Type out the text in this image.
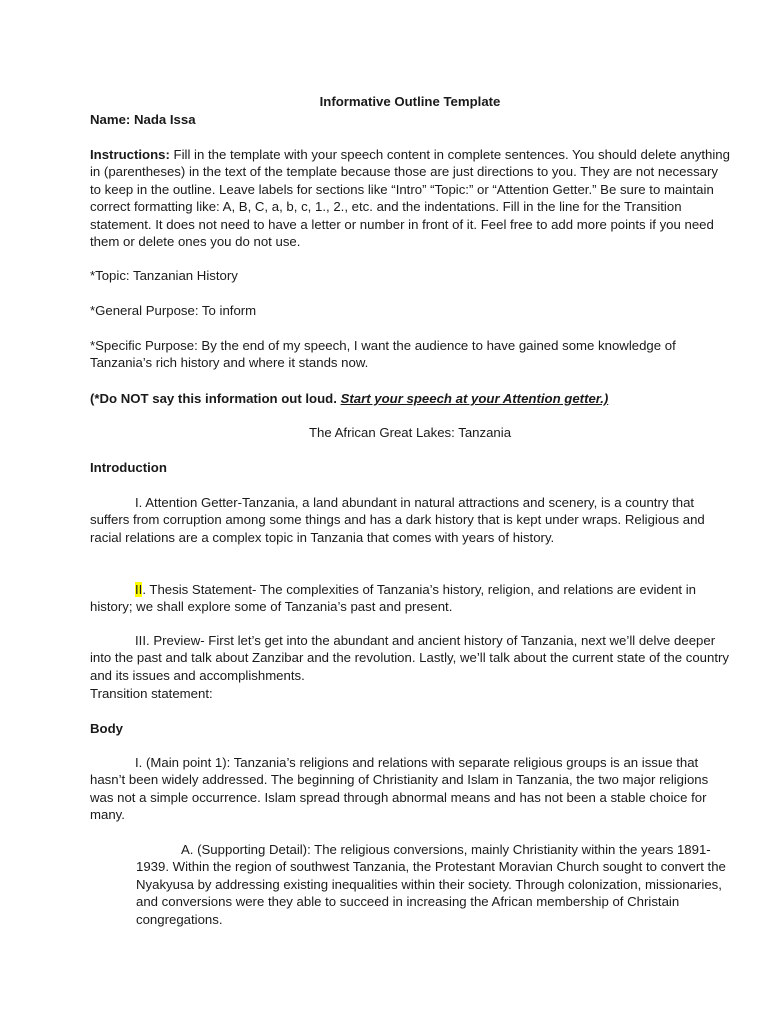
Informative Outline Template

Name: Nada Issa

Instructions: Fill in the template with your speech content in complete sentences. You should delete anything in (parentheses) in the text of the template because those are just directions to you. They are not necessary to keep in the outline. Leave labels for sections like “Intro” “Topic:” or “Attention Getter.” Be sure to maintain correct formatting like: A, B, C, a, b, c, 1., 2., etc. and the indentations. Fill in the line for the Transition statement. It does not need to have a letter or number in front of it. Feel free to add more points if you need them or delete ones you do not use.

*Topic: Tanzanian History

*General Purpose: To inform

*Specific Purpose: By the end of my speech, I want the audience to have gained some knowledge of Tanzania’s rich history and where it stands now.

(*Do NOT say this information out loud. Start your speech at your Attention getter.)

The African Great Lakes: Tanzania

Introduction

I. Attention Getter-Tanzania, a land abundant in natural attractions and scenery, is a country that suffers from corruption among some things and has a dark history that is kept under wraps. Religious and racial relations are a complex topic in Tanzania that comes with years of history.

II. Thesis Statement- The complexities of Tanzania’s history, religion, and relations are evident in history; we shall explore some of Tanzania’s past and present.

III. Preview- First let’s get into the abundant and ancient history of Tanzania, next we’ll delve deeper into the past and talk about Zanzibar and the revolution. Lastly, we’ll talk about the current state of the country and its issues and accomplishments.

Transition statement:

Body

I. (Main point 1): Tanzania’s religions and relations with separate religious groups is an issue that hasn’t been widely addressed. The beginning of Christianity and Islam in Tanzania, the two major religions was not a simple occurrence. Islam spread through abnormal means and has not been a stable choice for many.

A. (Supporting Detail): The religious conversions, mainly Christianity within the years 1891-1939. Within the region of southwest Tanzania, the Protestant Moravian Church sought to convert the Nyakyusa by addressing existing inequalities within their society. Through colonization, missionaries, and conversions were they able to succeed in increasing the African membership of Christain congregations.
